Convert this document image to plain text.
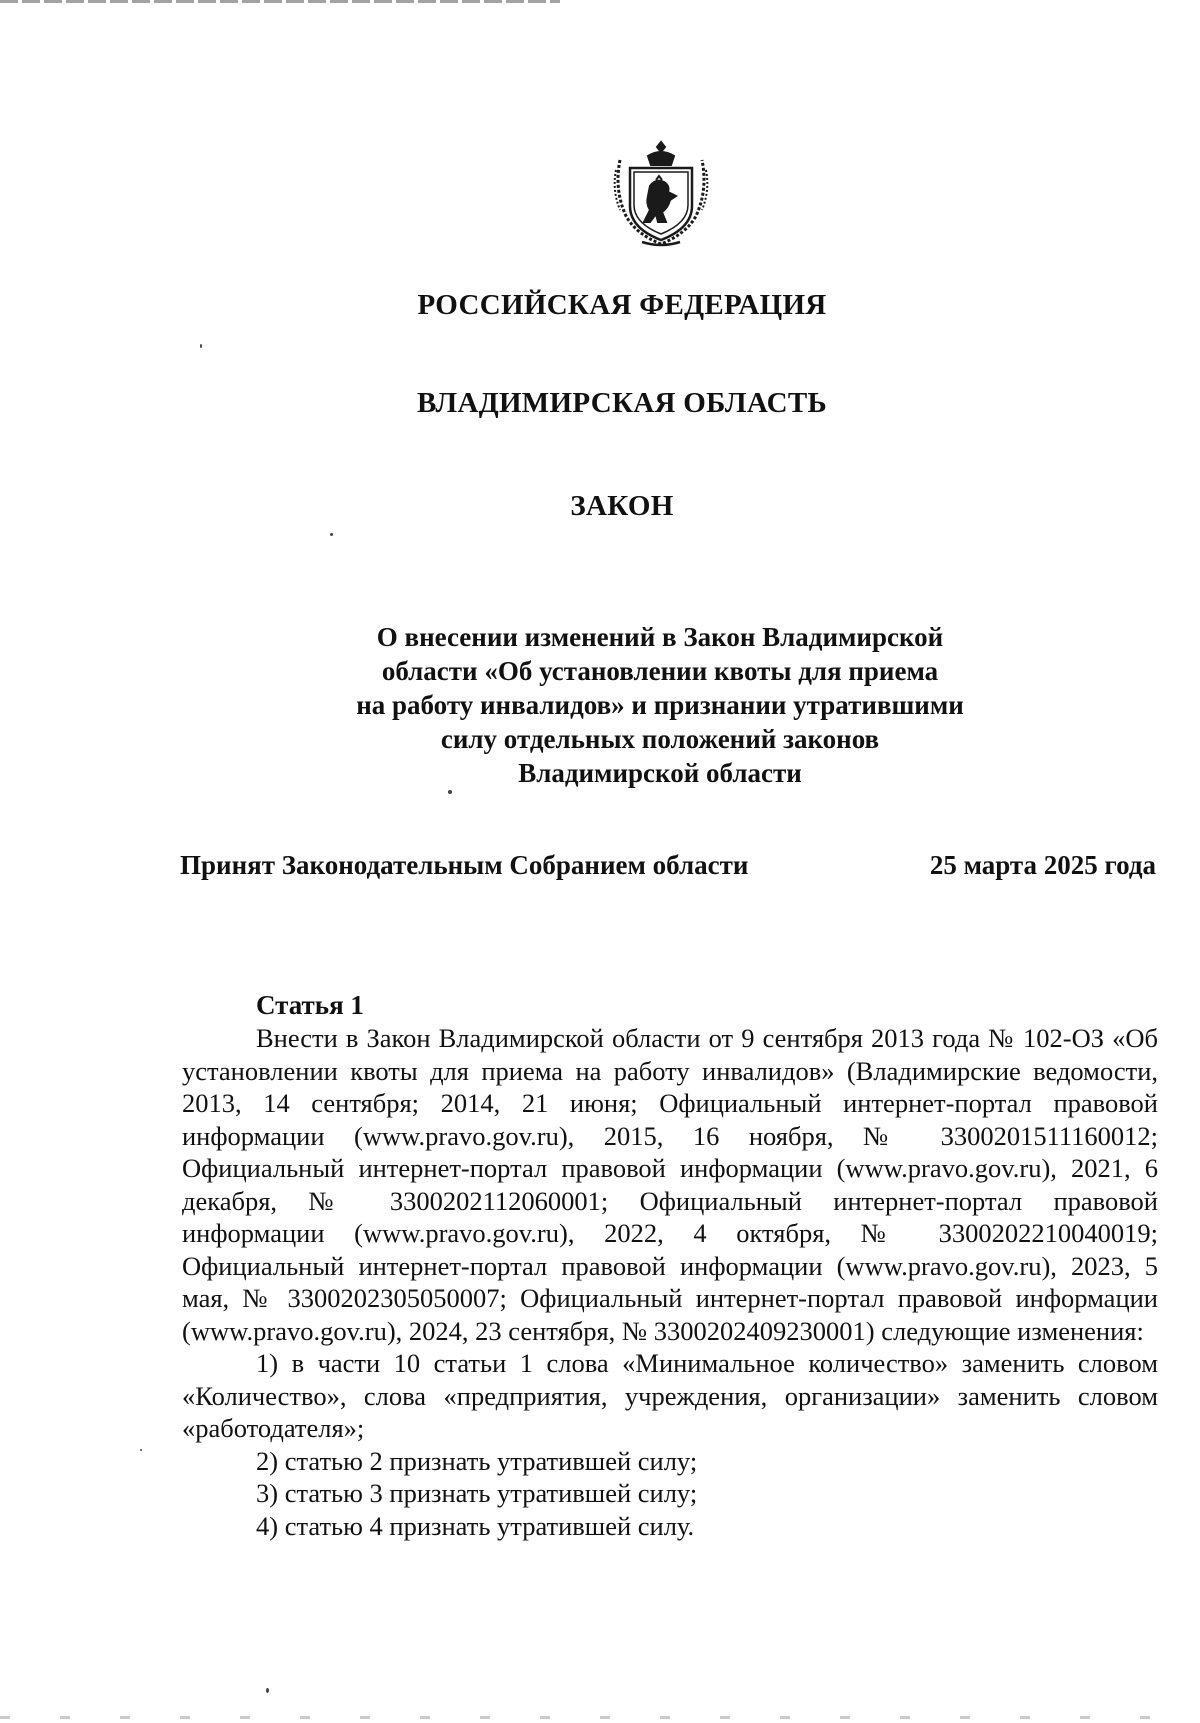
РОССИЙСКАЯ ФЕДЕРАЦИЯ
ВЛАДИМИРСКАЯ ОБЛАСТЬ
ЗАКОН
О внесении изменений в Закон Владимирской
области «Об установлении квоты для приема
на работу инвалидов» и признании утратившими
силу отдельных положений законов
Владимирской области
Принят Законодательным Собранием области	25 марта 2025 года
Статья 1

Внести в Закон Владимирской области от 9 сентября 2013 года № 102-ОЗ «Об установлении квоты для приема на работу инвалидов» (Владимирские ведомости, 2013, 14 сентября; 2014, 21 июня; Официальный интернет-портал правовой информации (www.pravo.gov.ru), 2015, 16 ноября, № 3300201511160012; Официальный интернет-портал правовой информации (www.pravo.gov.ru), 2021, 6 декабря, № 3300202112060001; Официальный интернет-портал правовой информации (www.pravo.gov.ru), 2022, 4 октября, № 3300202210040019; Официальный интернет-портал правовой информации (www.pravo.gov.ru), 2023, 5 мая, № 3300202305050007; Официальный интернет-портал правовой информации (www.pravo.gov.ru), 2024, 23 сентября, № 3300202409230001) следующие изменения:

1) в части 10 статьи 1 слова «Минимальное количество» заменить словом «Количество», слова «предприятия, учреждения, организации» заменить словом «работодателя»;

2) статью 2 признать утратившей силу;

3) статью 3 признать утратившей силу;

4) статью 4 признать утратившей силу.
